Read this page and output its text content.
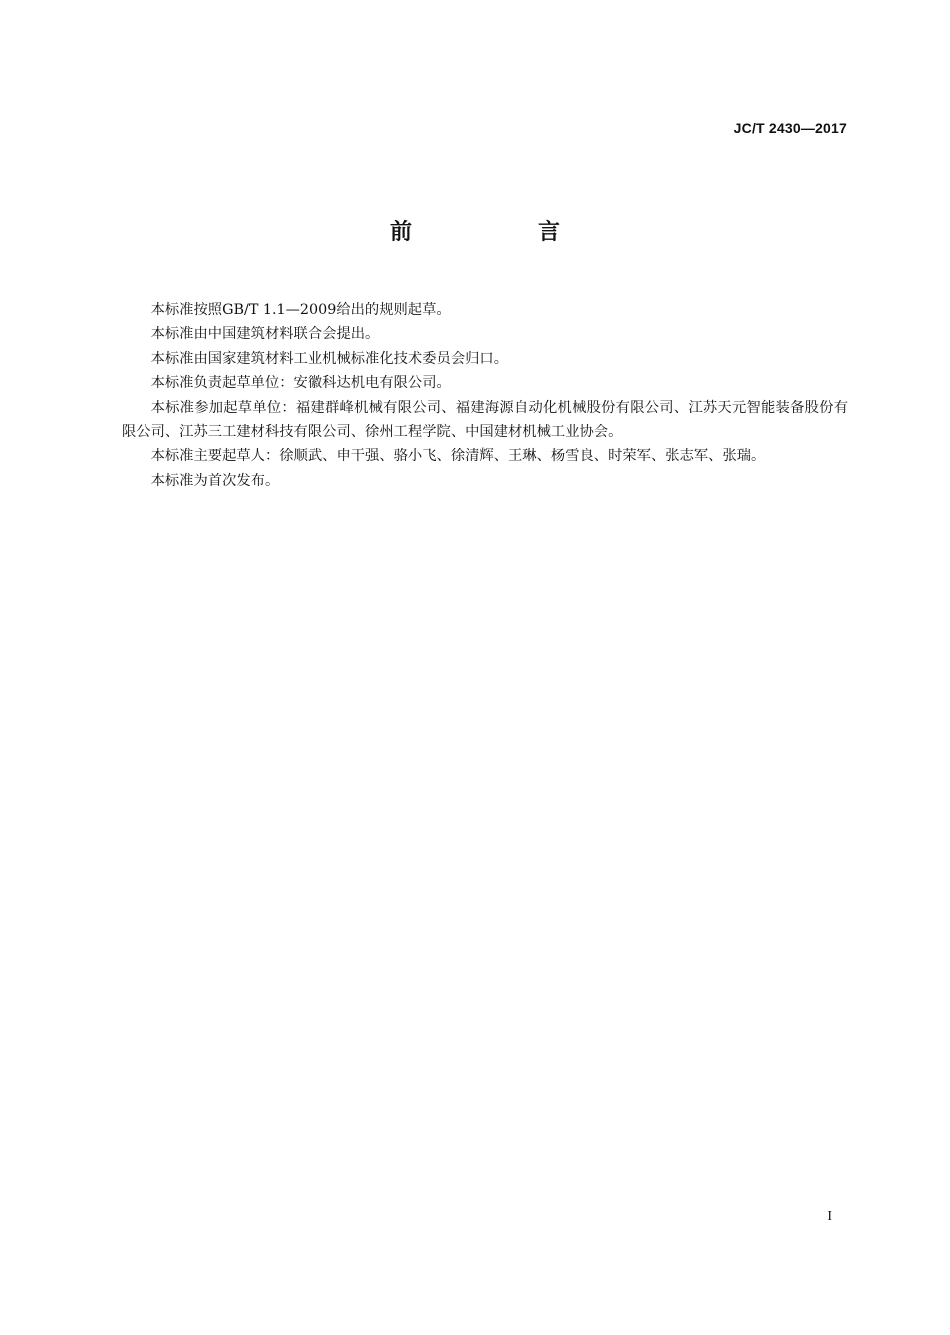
JC/T 2430—2017
前　言

本标准按照GB/T 1.1—2009给出的规则起草。

本标准由中国建筑材料联合会提出。

本标准由国家建筑材料工业机械标准化技术委员会归口。

本标准负责起草单位：安徽科达机电有限公司。

本标准参加起草单位：福建群峰机械有限公司、福建海源自动化机械股份有限公司、江苏天元智能装备股份有限公司、江苏三工建材科技有限公司、徐州工程学院、中国建材机械工业协会。

本标准主要起草人：徐顺武、申干强、骆小飞、徐清辉、王琳、杨雪良、时荣军、张志军、张瑞。

本标准为首次发布。

I
